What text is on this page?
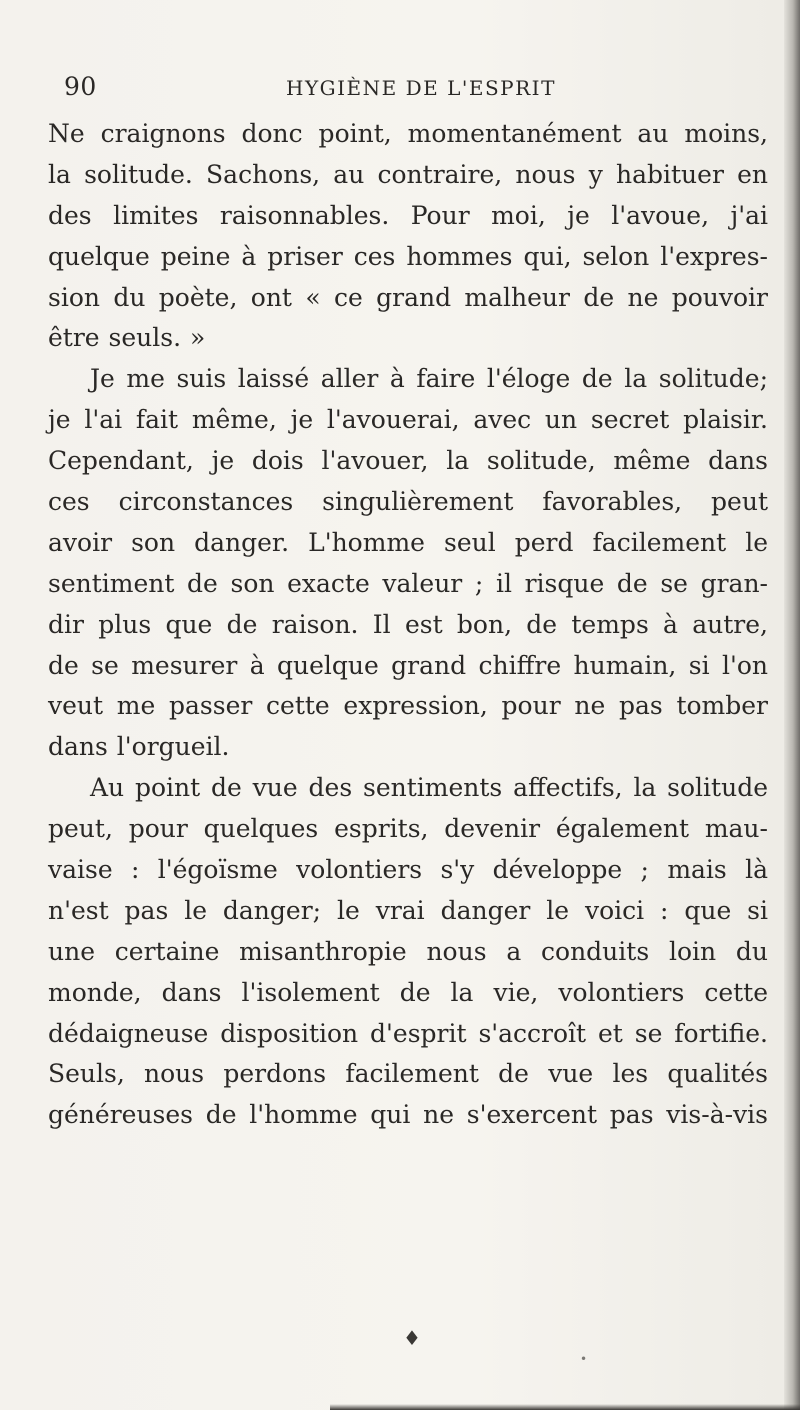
90	HYGIÈNE DE L'ESPRIT
Ne craignons donc point, momentanément au moins,
la solitude. Sachons, au contraire, nous y habituer en
des limites raisonnables. Pour moi, je l'avoue, j'ai
quelque peine à priser ces hommes qui, selon l'expres-
sion du poète, ont « ce grand malheur de ne pouvoir
être seuls. »
Je me suis laissé aller à faire l'éloge de la solitude;
je l'ai fait même, je l'avouerai, avec un secret plaisir.
Cependant, je dois l'avouer, la solitude, même dans
ces circonstances singulièrement favorables, peut
avoir son danger. L'homme seul perd facilement le
sentiment de son exacte valeur ; il risque de se gran-
dir plus que de raison. Il est bon, de temps à autre,
de se mesurer à quelque grand chiffre humain, si l'on
veut me passer cette expression, pour ne pas tomber
dans l'orgueil.
Au point de vue des sentiments affectifs, la solitude
peut, pour quelques esprits, devenir également mau-
vaise : l'égoïsme volontiers s'y développe ; mais là
n'est pas le danger; le vrai danger le voici : que si
une certaine misanthropie nous a conduits loin du
monde, dans l'isolement de la vie, volontiers cette
dédaigneuse disposition d'esprit s'accroît et se fortifie.
Seuls, nous perdons facilement de vue les qualités
généreuses de l'homme qui ne s'exercent pas vis-à-vis
♦
•
